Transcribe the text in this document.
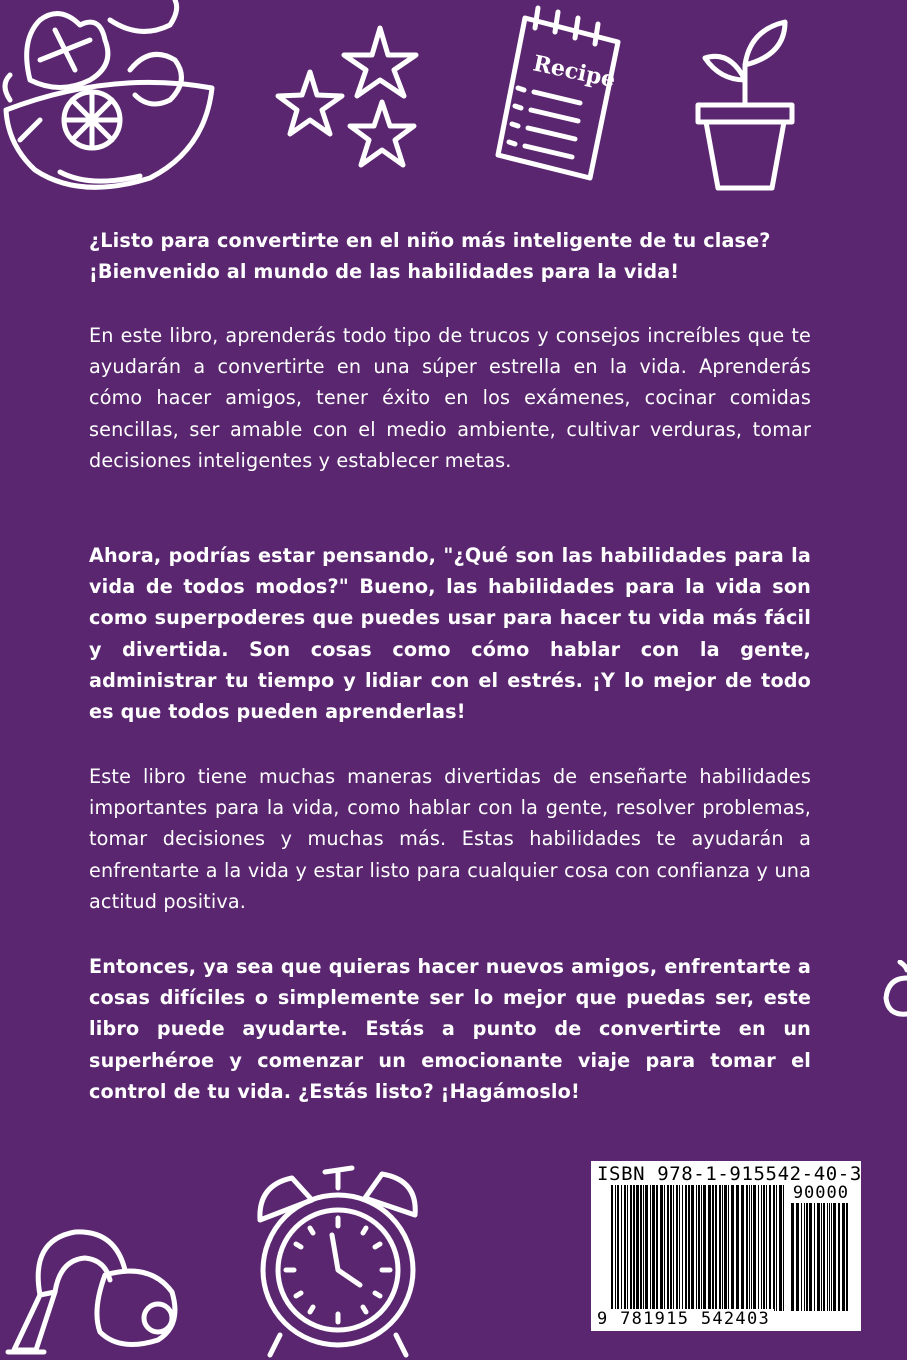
Recipe
¿Listo para convertirte en el niño más inteligente de tu clase?
¡Bienvenido al mundo de las habilidades para la vida!
En este libro, aprenderás todo tipo de trucos y consejos increíbles que te ayudarán a convertirte en una súper estrella en la vida. Aprenderás cómo hacer amigos, tener éxito en los exámenes, cocinar comidas sencillas, ser amable con el medio ambiente, cultivar verduras, tomar decisiones inteligentes y establecer metas.
Ahora, podrías estar pensando, "¿Qué son las habilidades para la vida de todos modos?" Bueno, las habilidades para la vida son como superpoderes que puedes usar para hacer tu vida más fácil y divertida. Son cosas como cómo hablar con la gente, administrar tu tiempo y lidiar con el estrés. ¡Y lo mejor de todo es que todos pueden aprenderlas!
Este libro tiene muchas maneras divertidas de enseñarte habilidades importantes para la vida, como hablar con la gente, resolver problemas, tomar decisiones y muchas más. Estas habilidades te ayudarán a enfrentarte a la vida y estar listo para cualquier cosa con confianza y una actitud positiva.
Entonces, ya sea que quieras hacer nuevos amigos, enfrentarte a cosas difíciles o simplemente ser lo mejor que puedas ser, este libro puede ayudarte. Estás a punto de convertirte en un superhéroe y comenzar un emocionante viaje para tomar el control de tu vida. ¿Estás listo? ¡Hagámoslo!
ISBN 978-1-915542-40-3
90000
9 781915 542403
